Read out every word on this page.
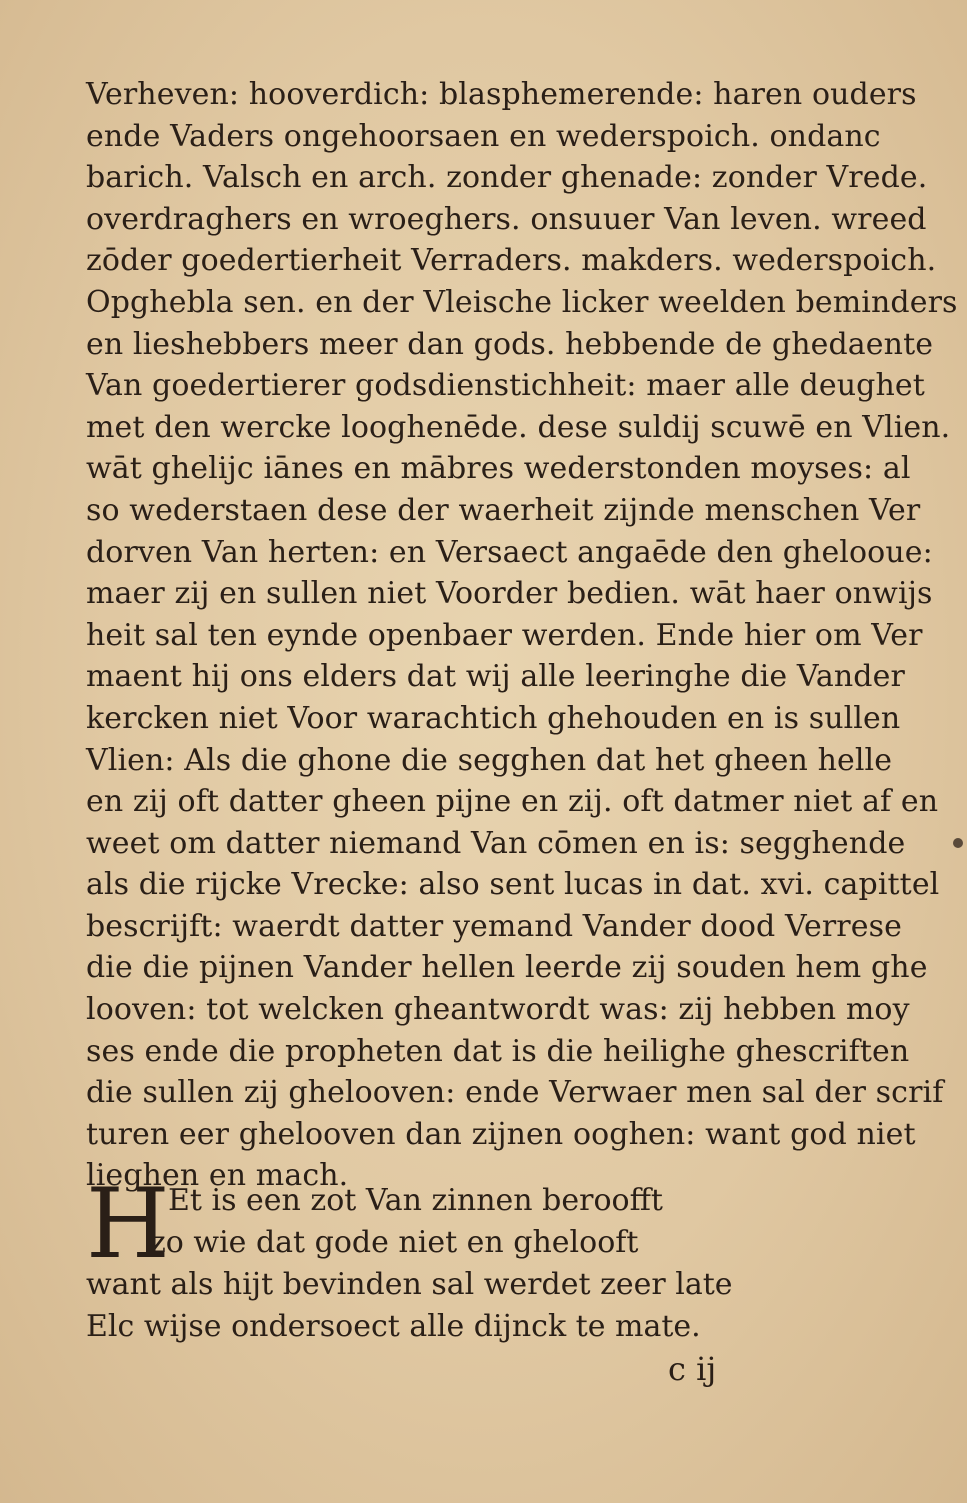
Verheven: hooverdich: blasphemerende: haren ouders
ende Vaders ongehoorsaen en wederspoich. ondanc
barich. Valsch en arch. zonder ghenade: zonder Vrede.
overdraghers en wroeghers. onsuuer Van leven. wreed
zōder goedertierheit Verraders. makders. wederspoich.
Opghebla sen. en der Vleische licker weelden beminders
en lieshebbers meer dan gods. hebbende de ghedaente
Van goedertierer godsdienstichheit: maer alle deughet
met den wercke looghenēde. dese suldij scuwē en Vlien.
wāt ghelijc iānes en mābres wederstonden moyses: al
so wederstaen dese der waerheit zijnde menschen Ver
dorven Van herten: en Versaect angaēde den ghelooue:
maer zij en sullen niet Voorder bedien. wāt haer onwijs
heit sal ten eynde openbaer werden. Ende hier om Ver
maent hij ons elders dat wij alle leeringhe die Vander
kercken niet Voor warachtich ghehouden en is sullen
Vlien: Als die ghone die segghen dat het gheen helle
en zij oft datter gheen pijne en zij. oft datmer niet af en
weet om datter niemand Van cōmen en is: segghende
als die rijcke Vrecke: also sent lucas in dat. xvi. capittel
bescrijft: waerdt datter yemand Vander dood Verrese
die die pijnen Vander hellen leerde zij souden hem ghe
looven: tot welcken gheantwordt was: zij hebben moy
ses ende die propheten dat is die heilighe ghescriften
die sullen zij ghelooven: ende Verwaer men sal der scrif
turen eer ghelooven dan zijnen ooghen: want god niet
lieghen en mach.
H
Et is een zot Van zinnen beroofft
zo wie dat gode niet en ghelooft
want als hijt bevinden sal werdet zeer late
Elc wijse ondersoect alle dijnck te mate.
c ij
